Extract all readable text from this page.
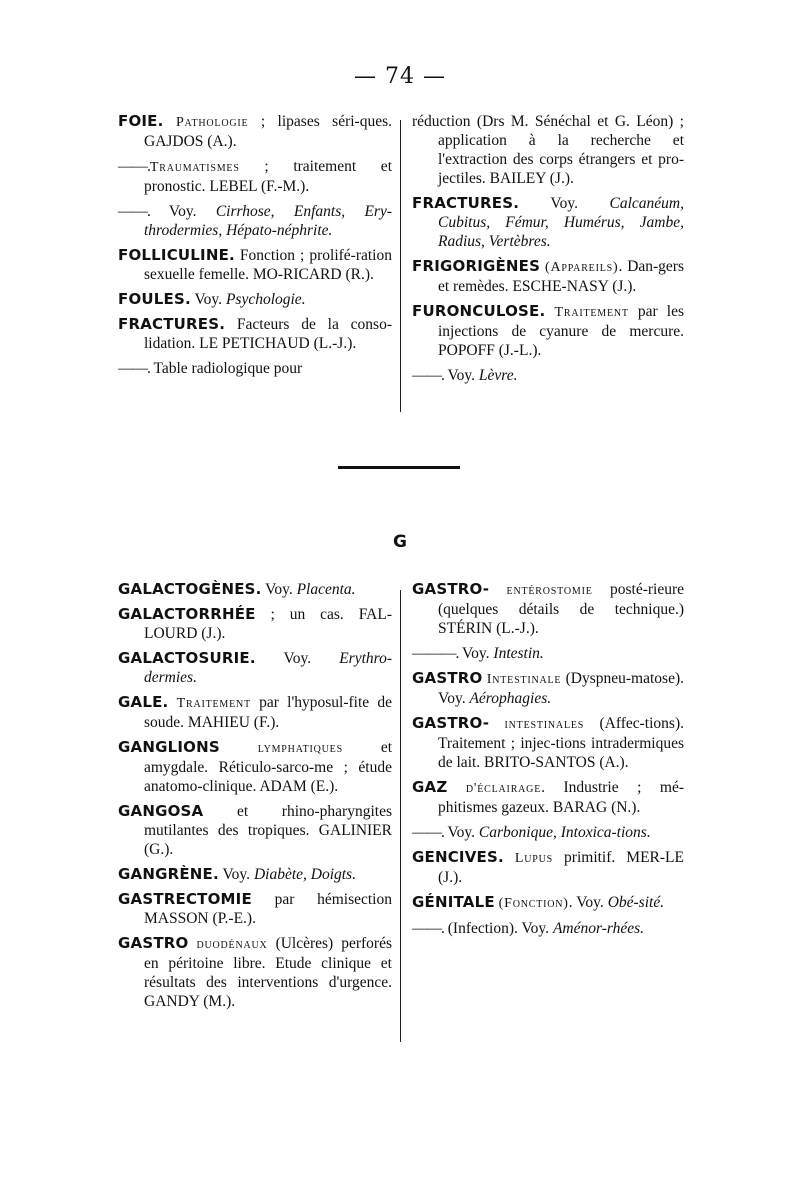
— 74 —

FOIE. Pathologie ; lipases séri-ques. GAJDOS (A.).

——.Traumatismes ; traitement et pronostic. LEBEL (F.-M.).

——. Voy. Cirrhose, Enfants, Ery-throdermies, Hépato-néphrite.

FOLLICULINE. Fonction ; prolifé-ration sexuelle femelle. MO-RICARD (R.).

FOULES. Voy. Psychologie.

FRACTURES. Facteurs de la conso-lidation. LE PETICHAUD (L.-J.).

——. Table radiologique pour

réduction (Drs M. Sénéchal et G. Léon) ; application à la recherche et l'extraction des corps étrangers et pro-jectiles. BAILEY (J.).

FRACTURES. Voy. Calcanéum, Cubitus, Fémur, Humérus, Jambe, Radius, Vertèbres.

FRIGORIGÈNES (Appareils). Dan-gers et remèdes. ESCHE-NASY (J.).

FURONCULOSE. Traitement par les injections de cyanure de mercure. POPOFF (J.-L.).

——. Voy. Lèvre.

G

GALACTOGÈNES. Voy. Placenta.

GALACTORRHÉE ; un cas. FAL-LOURD (J.).

GALACTOSURIE. Voy. Erythro-dermies.

GALE. Traitement par l'hyposul-fite de soude. MAHIEU (F.).

GANGLIONS	lymphatiques et amygdale. Réticulo-sarco-me ; étude anatomo-clinique. ADAM (E.).

GANGOSA et rhino-pharyngites mutilantes des tropiques. GALINIER (G.).

GANGRÈNE. Voy. Diabète, Doigts.

GASTRECTOMIE par hémisection MASSON (P.-E.).

GASTRO duodénaux (Ulcères) perforés en péritoine libre. Etude clinique et résultats des interventions d'urgence. GANDY (M.).

GASTRO- entérostomie posté-rieure (quelques détails de technique.) STÉRIN (L.-J.).

———. Voy. Intestin.

GASTRO Intestinale (Dyspneu-matose). Voy. Aérophagies.

GASTRO- intestinales (Affec-tions). Traitement ; injec-tions intradermiques de lait. BRITO-SANTOS (A.).

GAZ d'éclairage. Industrie ; mé-phitismes gazeux. BARAG (N.).

——. Voy. Carbonique, Intoxica-tions.

GENCIVES. Lupus primitif. MER-LE (J.).

GÉNITALE (Fonction). Voy. Obé-sité.

——. (Infection). Voy. Aménor-rhées.
